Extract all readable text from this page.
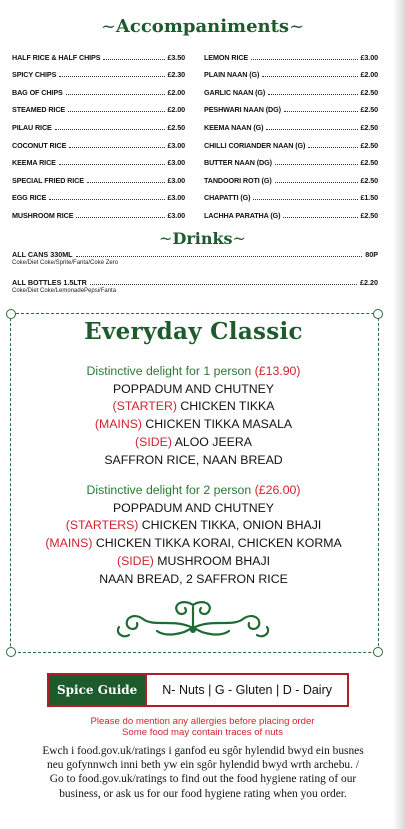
~Accompaniments~
HALF RICE & HALF CHIPS	£3.50
SPICY CHIPS	£2.30
BAG OF CHIPS	£2.00
STEAMED RICE	£2.00
PILAU RICE	£2.50
COCONUT RICE	£3.00
KEEMA RICE	£3.00
SPECIAL FRIED RICE	£3.00
EGG RICE	£3.00
MUSHROOM RICE	£3.00
LEMON RICE	£3.00
PLAIN NAAN (G)	£2.00
GARLIC NAAN (G)	£2.50
PESHWARI NAAN (DG)	£2.50
KEEMA NAAN (G)	£2.50
CHILLI CORIANDER NAAN (G)	£2.50
BUTTER NAAN (DG)	£2.50
TANDOORI ROTI (G)	£2.50
CHAPATTI (G)	£1.50
LACHHA PARATHA (G)	£2.50
~Drinks~
ALL CANS 330ML	80P
Coke/Diet Coke/Sprite/Fanta/Coke Zero
ALL BOTTLES 1.5LTR	£2.20
Coke/Diet Coke/LemonadePepsi/Fanta
Everyday Classic
Distinctive delight for 1 person (£13.90)
POPPADUM AND CHUTNEY
(STARTER) CHICKEN TIKKA
(MAINS) CHICKEN TIKKA MASALA
(SIDE) ALOO JEERA
SAFFRON RICE, NAAN BREAD
Distinctive delight for 2 person (£26.00)
POPPADUM AND CHUTNEY
(STARTERS) CHICKEN TIKKA, ONION BHAJI
(MAINS) CHICKEN TIKKA KORAI, CHICKEN KORMA
(SIDE) MUSHROOM BHAJI
NAAN BREAD, 2 SAFFRON RICE
Spice Guide	N- Nuts | G - Gluten | D - Dairy
Please do mention any allergies before placing order
Some food may contain traces of nuts
Ewch i food.gov.uk/ratings i ganfod eu sgôr hylendid bwyd ein busnes
neu gofynnwch inni beth yw ein sgôr hylendid bwyd wrth archebu. /
Go to food.gov.uk/ratings to find out the food hygiene rating of our
business, or ask us for our food hygiene rating when you order.
